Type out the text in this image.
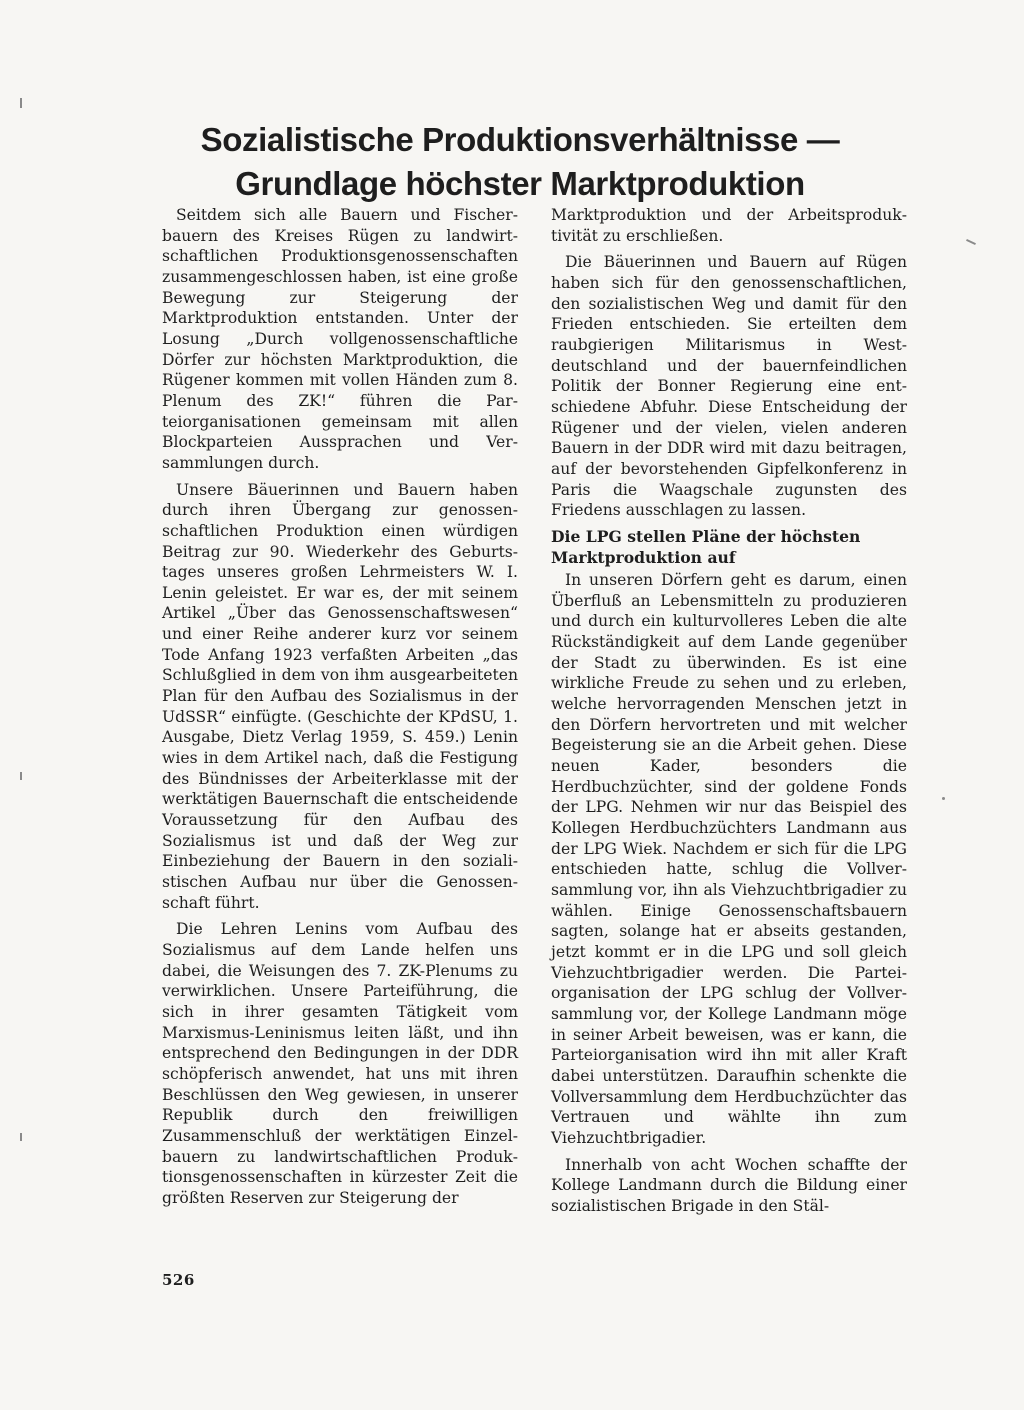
Sozialistische Produktionsverhältnisse —
Grundlage höchster Marktproduktion

Seitdem sich alle Bauern und Fischerbauern des Kreises Rügen zu landwirtschaftlichen Produktionsgenossenschaften zusammengeschlossen haben, ist eine große Bewegung zur Steigerung der Marktproduktion entstanden. Unter der Losung „Durch vollgenossenschaftliche Dörfer zur höchsten Marktproduktion, die Rügener kommen mit vollen Händen zum 8. Plenum des ZK!“ führen die Parteiorganisationen gemeinsam mit allen Blockparteien Aussprachen und Versammlungen durch.

Unsere Bäuerinnen und Bauern haben durch ihren Übergang zur genossenschaftlichen Produktion einen würdigen Beitrag zur 90. Wiederkehr des Geburtstages unseres großen Lehrmeisters W. I. Lenin geleistet. Er war es, der mit seinem Artikel „Über das Genossenschaftswesen“ und einer Reihe anderer kurz vor seinem Tode Anfang 1923 verfaßten Arbeiten „das Schlußglied in dem von ihm ausgearbeiteten Plan für den Aufbau des Sozialismus in der UdSSR“ einfügte. (Geschichte der KPdSU, 1. Ausgabe, Dietz Verlag 1959, S. 459.) Lenin wies in dem Artikel nach, daß die Festigung des Bündnisses der Arbeiterklasse mit der werktätigen Bauernschaft die entscheidende Voraussetzung für den Aufbau des Sozialismus ist und daß der Weg zur Einbeziehung der Bauern in den sozialistischen Aufbau nur über die Genossenschaft führt.

Die Lehren Lenins vom Aufbau des Sozialismus auf dem Lande helfen uns dabei, die Weisungen des 7. ZK-Plenums zu verwirklichen. Unsere Parteiführung, die sich in ihrer gesamten Tätigkeit vom Marxismus-Leninismus leiten läßt, und ihn entsprechend den Bedingungen in der DDR schöpferisch anwendet, hat uns mit ihren Beschlüssen den Weg gewiesen, in unserer Republik durch den freiwilligen Zusammenschluß der werktätigen Einzelbauern zu landwirtschaftlichen Produktionsgenossenschaften in kürzester Zeit die größten Reserven zur Steigerung der

Marktproduktion und der Arbeitsproduktivität zu erschließen.

Die Bäuerinnen und Bauern auf Rügen haben sich für den genossenschaftlichen, den sozialistischen Weg und damit für den Frieden entschieden. Sie erteilten dem raubgierigen Militarismus in Westdeutschland und der bauernfeindlichen Politik der Bonner Regierung eine entschiedene Abfuhr. Diese Entscheidung der Rügener und der vielen, vielen anderen Bauern in der DDR wird mit dazu beitragen, auf der bevorstehenden Gipfelkonferenz in Paris die Waagschale zugunsten des Friedens ausschlagen zu lassen.

Die LPG stellen Pläne der höchsten Marktproduktion auf

In unseren Dörfern geht es darum, einen Überfluß an Lebensmitteln zu produzieren und durch ein kulturvolleres Leben die alte Rückständigkeit auf dem Lande gegenüber der Stadt zu überwinden. Es ist eine wirkliche Freude zu sehen und zu erleben, welche hervorragenden Menschen jetzt in den Dörfern hervortreten und mit welcher Begeisterung sie an die Arbeit gehen. Diese neuen Kader, besonders die Herdbuchzüchter, sind der goldene Fonds der LPG. Nehmen wir nur das Beispiel des Kollegen Herdbuchzüchters Landmann aus der LPG Wiek. Nachdem er sich für die LPG entschieden hatte, schlug die Vollversammlung vor, ihn als Viehzuchtbrigadier zu wählen. Einige Genossenschaftsbauern sagten, solange hat er abseits gestanden, jetzt kommt er in die LPG und soll gleich Viehzuchtbrigadier werden. Die Parteiorganisation der LPG schlug der Vollversammlung vor, der Kollege Landmann möge in seiner Arbeit beweisen, was er kann, die Parteiorganisation wird ihn mit aller Kraft dabei unterstützen. Daraufhin schenkte die Vollversammlung dem Herdbuchzüchter das Vertrauen und wählte ihn zum Viehzuchtbrigadier.

Innerhalb von acht Wochen schaffte der Kollege Landmann durch die Bildung einer sozialistischen Brigade in den Stäl-

526
